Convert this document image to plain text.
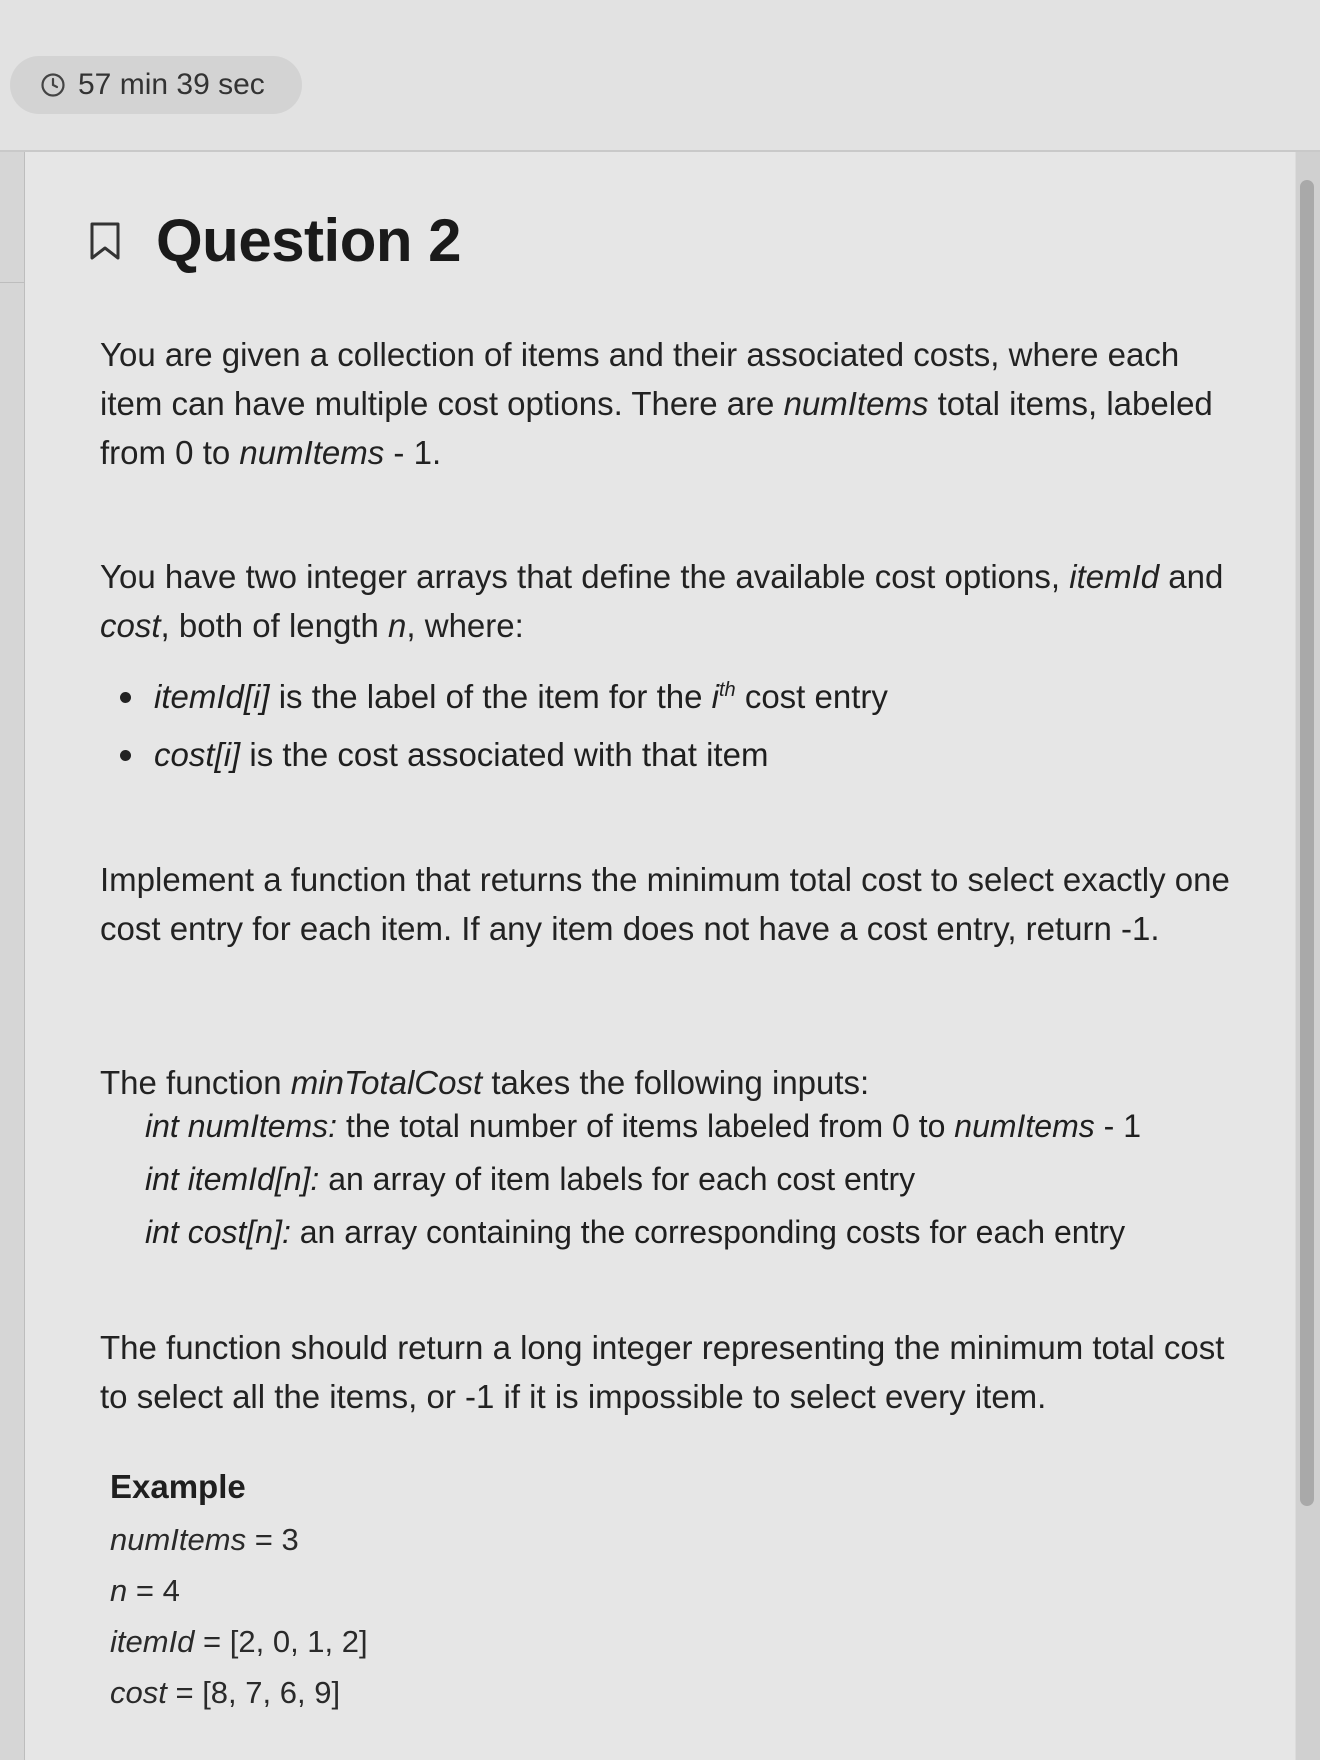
57 min 39 sec
Question 2
You are given a collection of items and their associated costs, where each item can have multiple cost options. There are numItems total items, labeled from 0 to numItems - 1.
You have two integer arrays that define the available cost options, itemId and cost, both of length n, where:
itemId[i] is the label of the item for the $i^{th}$ cost entry
cost[i] is the cost associated with that item
Implement a function that returns the minimum total cost to select exactly one cost entry for each item. If any item does not have a cost entry, return -1.
The function minTotalCost takes the following inputs:
int numItems: the total number of items labeled from 0 to numItems - 1
int itemId[n]: an array of item labels for each cost entry
int cost[n]: an array containing the corresponding costs for each entry
The function should return a long integer representing the minimum total cost to select all the items, or -1 if it is impossible to select every item.
Example
numItems = 3
n = 4
itemId = [2, 0, 1, 2]
cost = [8, 7, 6, 9]
